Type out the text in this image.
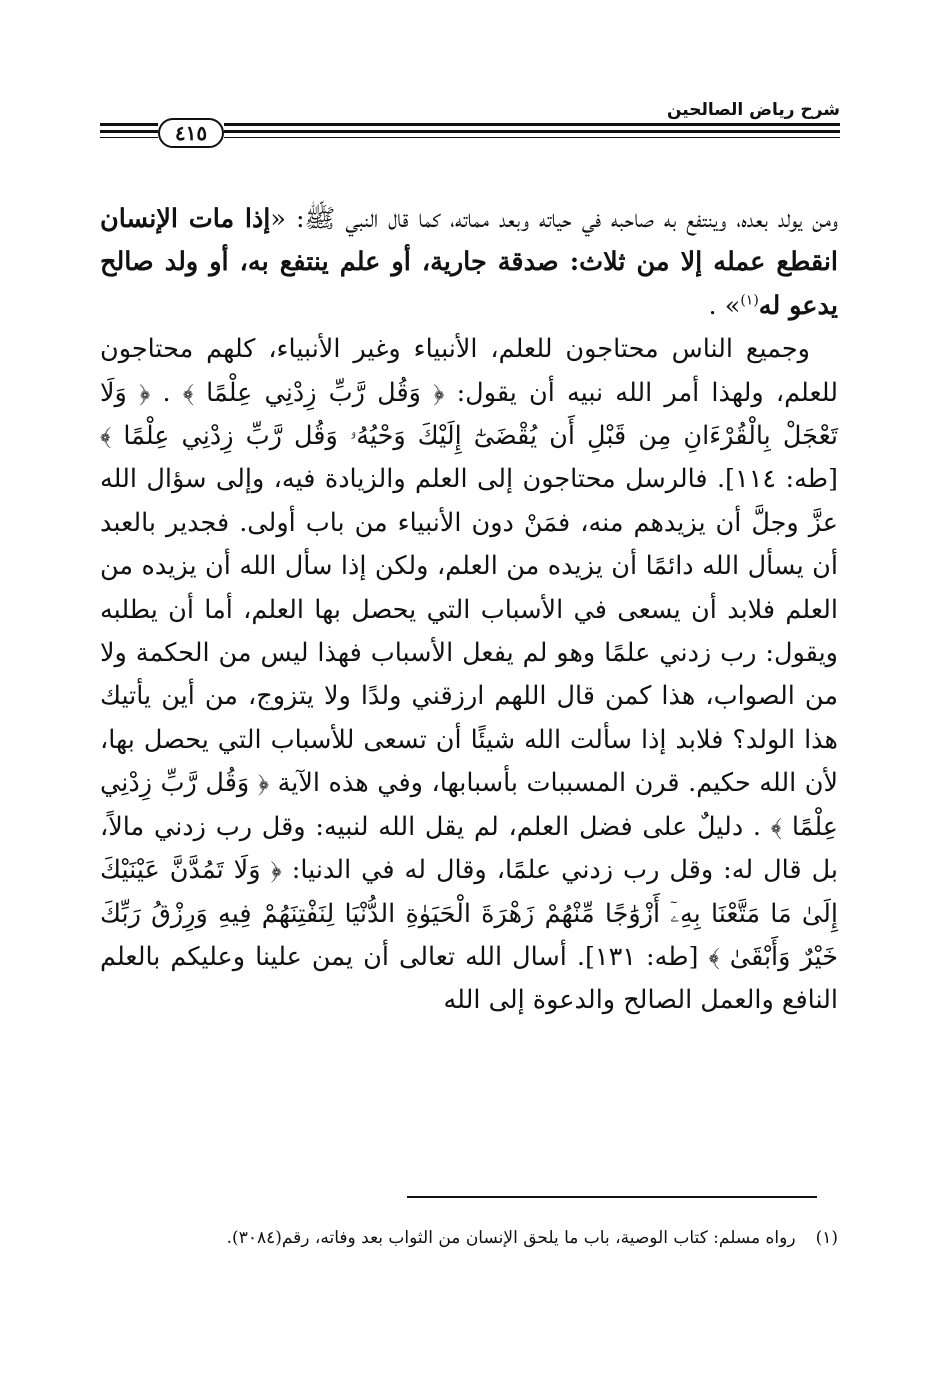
شرح رياض الصالحين
٤١٥

ومن يولد بعده، وينتفع به صاحبه في حياته وبعد مماته، كما قال النبي ﷺ: «إذا مات الإنسان انقطع عمله إلا من ثلاث: صدقة جارية، أو علم ينتفع به، أو ولد صالح يدعو له$^{(١)}$» .

وجميع الناس محتاجون للعلم، الأنبياء وغير الأنبياء، كلهم محتاجون للعلم، ولهذا أمر الله نبيه أن يقول: ﴿ وَقُل رَّبِّ زِدْنِي عِلْمًا ﴾ . ﴿ وَلَا تَعْجَلْ بِالْقُرْءَانِ مِن قَبْلِ أَن يُقْضَىٰٓ إِلَيْكَ وَحْيُهُۥ وَقُل رَّبِّ زِدْنِي عِلْمًا ﴾ [طه: ١١٤]. فالرسل محتاجون إلى العلم والزيادة فيه، وإلى سؤال الله عزَّ وجلَّ أن يزيدهم منه، فمَنْ دون الأنبياء من باب أولى. فجدير بالعبد أن يسأل الله دائمًا أن يزيده من العلم، ولكن إذا سأل الله أن يزيده من العلم فلابد أن يسعى في الأسباب التي يحصل بها العلم، أما أن يطلبه ويقول: رب زدني علمًا وهو لم يفعل الأسباب فهذا ليس من الحكمة ولا من الصواب، هذا كمن قال اللهم ارزقني ولدًا ولا يتزوج، من أين يأتيك هذا الولد؟ فلابد إذا سألت الله شيئًا أن تسعى للأسباب التي يحصل بها، لأن الله حكيم. قرن المسببات بأسبابها، وفي هذه الآية ﴿ وَقُل رَّبِّ زِدْنِي عِلْمًا ﴾ . دليلٌ على فضل العلم، لم يقل الله لنبيه: وقل رب زدني مالاً، بل قال له: وقل رب زدني علمًا، وقال له في الدنيا: ﴿ وَلَا تَمُدَّنَّ عَيْنَيْكَ إِلَىٰ مَا مَتَّعْنَا بِهِۦٓ أَزْوَٰجًا مِّنْهُمْ زَهْرَةَ الْحَيَوٰةِ الدُّنْيَا لِنَفْتِنَهُمْ فِيهِ وَرِزْقُ رَبِّكَ خَيْرٌ وَأَبْقَىٰ ﴾ [طه: ١٣١]. أسال الله تعالى أن يمن علينا وعليكم بالعلم النافع والعمل الصالح والدعوة إلى الله

(١)رواه مسلم: كتاب الوصية، باب ما يلحق الإنسان من الثواب بعد وفاته، رقم(٣٠٨٤).
